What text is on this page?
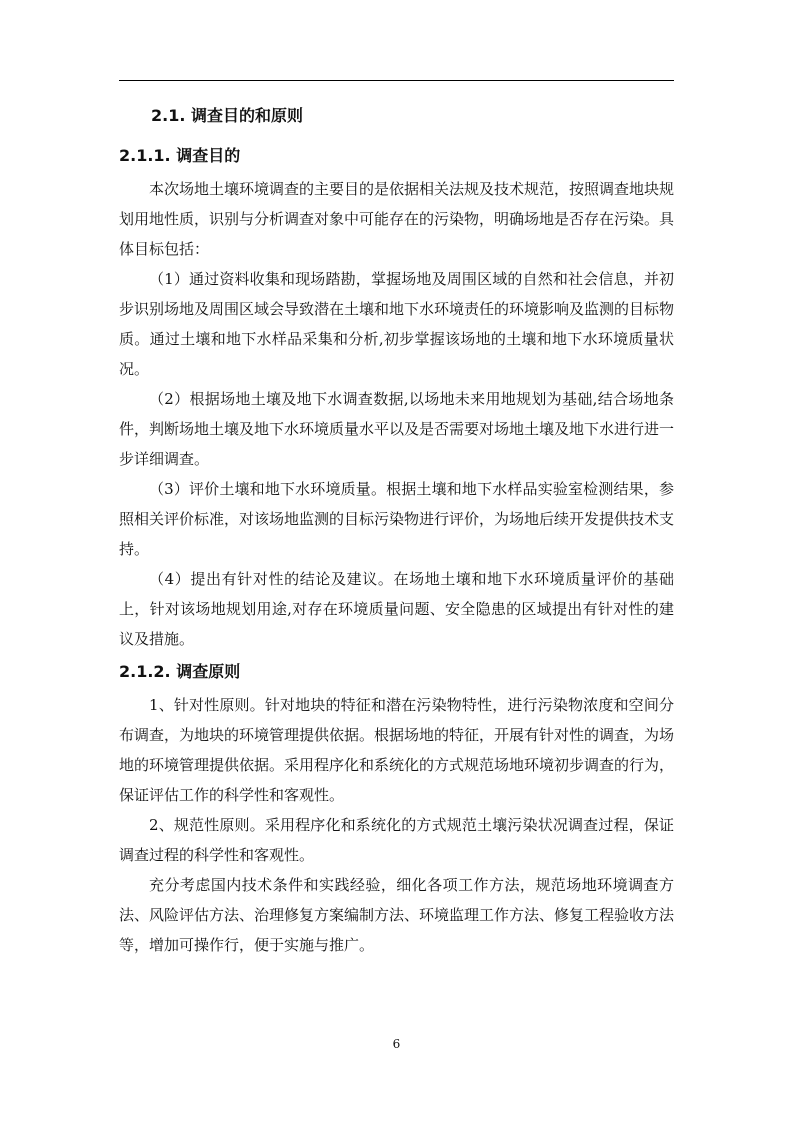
2.1. 调查目的和原则
2.1.1. 调查目的

本次场地土壤环境调查的主要目的是依据相关法规及技术规范，按照调查地块规划用地性质，识别与分析调查对象中可能存在的污染物，明确场地是否存在污染。具体目标包括：

（1）通过资料收集和现场踏勘，掌握场地及周围区域的自然和社会信息，并初步识别场地及周围区域会导致潜在土壤和地下水环境责任的环境影响及监测的目标物质。通过土壤和地下水样品采集和分析,初步掌握该场地的土壤和地下水环境质量状况。

（2）根据场地土壤及地下水调查数据,以场地未来用地规划为基础,结合场地条件，判断场地土壤及地下水环境质量水平以及是否需要对场地土壤及地下水进行进一步详细调查。

（3）评价土壤和地下水环境质量。根据土壤和地下水样品实验室检测结果，参照相关评价标准，对该场地监测的目标污染物进行评价，为场地后续开发提供技术支持。

（4）提出有针对性的结论及建议。在场地土壤和地下水环境质量评价的基础上，针对该场地规划用途,对存在环境质量问题、安全隐患的区域提出有针对性的建议及措施。

2.1.2. 调查原则

1、针对性原则。针对地块的特征和潜在污染物特性，进行污染物浓度和空间分布调查，为地块的环境管理提供依据。根据场地的特征，开展有针对性的调查，为场地的环境管理提供依据。采用程序化和系统化的方式规范场地环境初步调查的行为，保证评估工作的科学性和客观性。

2、规范性原则。采用程序化和系统化的方式规范土壤污染状况调查过程，保证调查过程的科学性和客观性。

充分考虑国内技术条件和实践经验，细化各项工作方法，规范场地环境调查方法、风险评估方法、治理修复方案编制方法、环境监理工作方法、修复工程验收方法等，增加可操作行，便于实施与推广。

6
